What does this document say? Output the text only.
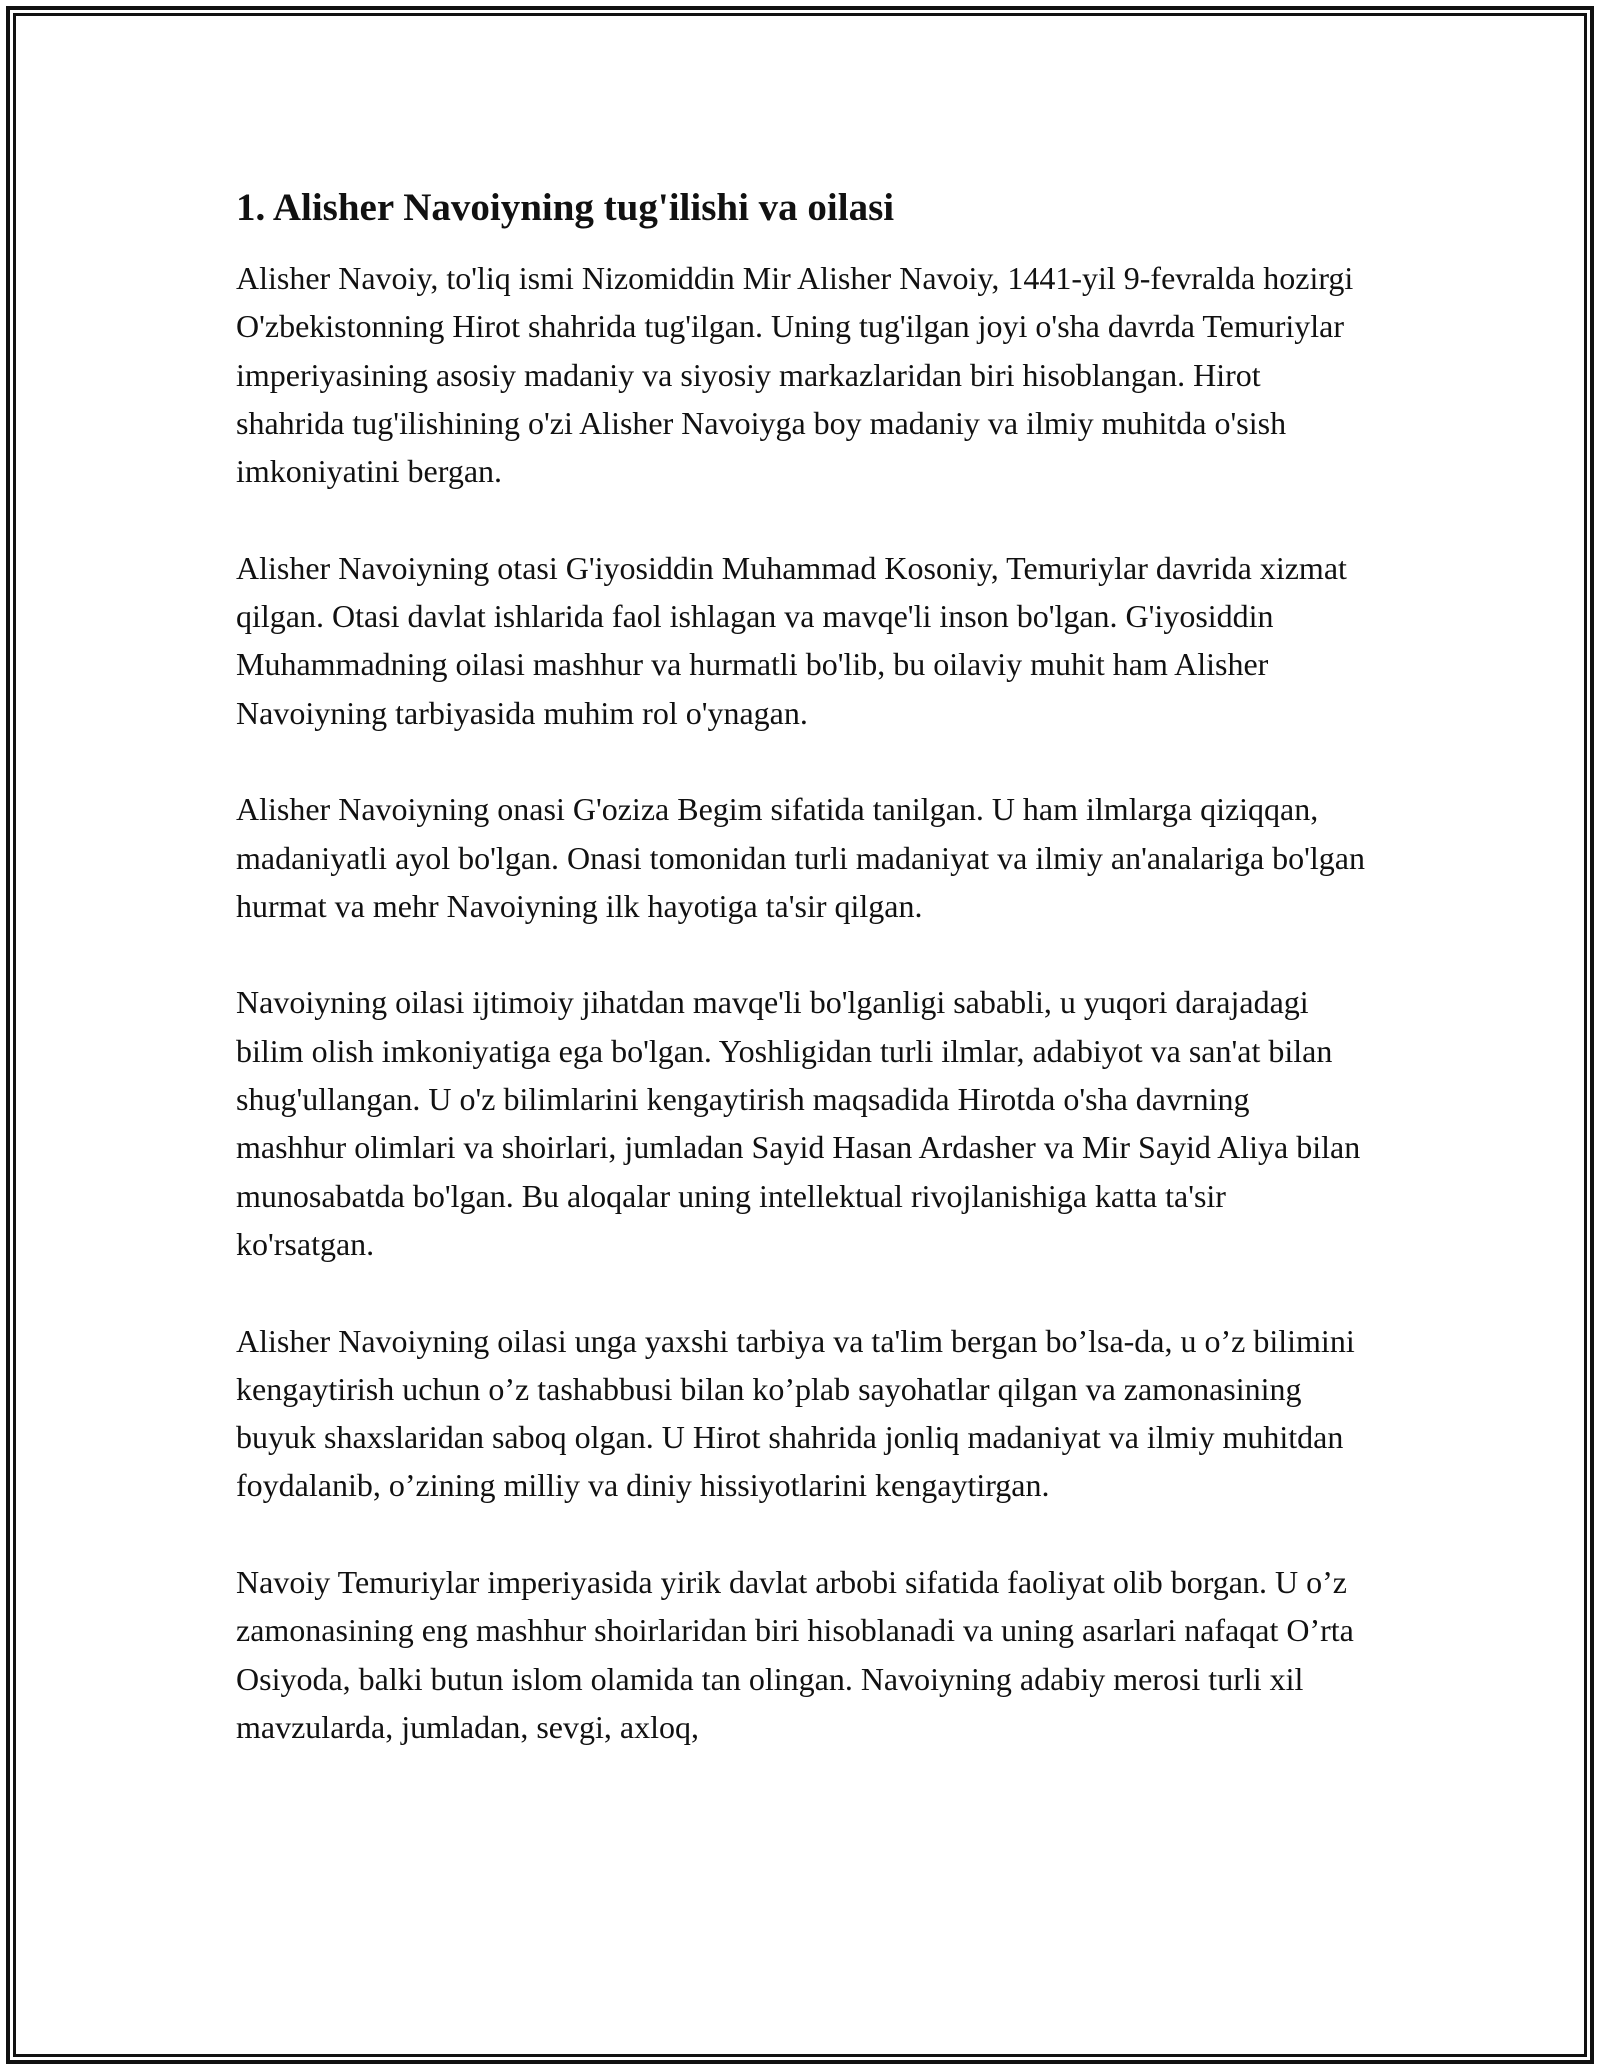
1. Alisher Navoiyning tug'ilishi va oilasi

Alisher Navoiy, to'liq ismi Nizomiddin Mir Alisher Navoiy, 1441-yil 9-fevralda hozirgi O'zbekistonning Hirot shahrida tug'ilgan. Uning tug'ilgan joyi o'sha davrda Temuriylar imperiyasining asosiy madaniy va siyosiy markazlaridan biri hisoblangan. Hirot shahrida tug'ilishining o'zi Alisher Navoiyga boy madaniy va ilmiy muhitda o'sish imkoniyatini bergan.

Alisher Navoiyning otasi G'iyosiddin Muhammad Kosoniy, Temuriylar davrida xizmat qilgan. Otasi davlat ishlarida faol ishlagan va mavqe'li inson bo'lgan. G'iyosiddin Muhammadning oilasi mashhur va hurmatli bo'lib, bu oilaviy muhit ham Alisher Navoiyning tarbiyasida muhim rol o'ynagan.

Alisher Navoiyning onasi G'oziza Begim sifatida tanilgan. U ham ilmlarga qiziqqan, madaniyatli ayol bo'lgan. Onasi tomonidan turli madaniyat va ilmiy an'analariga bo'lgan hurmat va mehr Navoiyning ilk hayotiga ta'sir qilgan.

Navoiyning oilasi ijtimoiy jihatdan mavqe'li bo'lganligi sababli, u yuqori darajadagi bilim olish imkoniyatiga ega bo'lgan. Yoshligidan turli ilmlar, adabiyot va san'at bilan shug'ullangan. U o'z bilimlarini kengaytirish maqsadida Hirotda o'sha davrning mashhur olimlari va shoirlari, jumladan Sayid Hasan Ardasher va Mir Sayid Aliya bilan munosabatda bo'lgan. Bu aloqalar uning intellektual rivojlanishiga katta ta'sir ko'rsatgan.

Alisher Navoiyning oilasi unga yaxshi tarbiya va ta'lim bergan bo’lsa-da, u o’z bilimini kengaytirish uchun o’z tashabbusi bilan ko’plab sayohatlar qilgan va zamonasining buyuk shaxslaridan saboq olgan. U Hirot shahrida jonliq madaniyat va ilmiy muhitdan foydalanib, o’zining milliy va diniy hissiyotlarini kengaytirgan.

Navoiy Temuriylar imperiyasida yirik davlat arbobi sifatida faoliyat olib borgan. U o’z zamonasining eng mashhur shoirlaridan biri hisoblanadi va uning asarlari nafaqat O’rta Osiyoda, balki butun islom olamida tan olingan. Navoiyning adabiy merosi turli xil mavzularda, jumladan, sevgi, axloq,
